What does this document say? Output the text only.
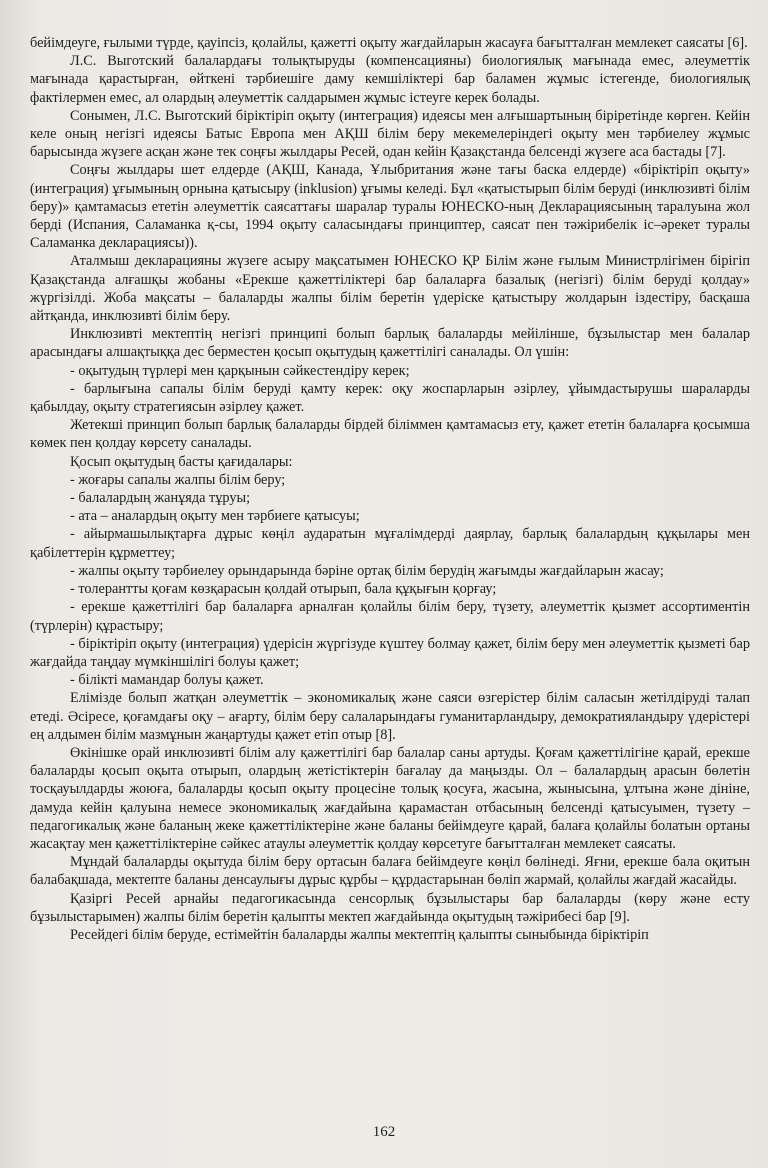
бейімдеуге, ғылыми түрде, қауіпсіз, қолайлы, қажетті оқыту жағдайларын жасауға бағытталған мемлекет саясаты [6].

Л.С. Выготский балалардағы толықтыруды (компенсацияны) биологиялық мағынада емес, әлеуметтік мағынада қарастырған, өйткені тәрбиешіге даму кемшіліктері бар баламен жұмыс істегенде, биологиялық фактілермен емес, ал олардың әлеуметтік салдарымен жұмыс істеуге керек болады.

Сонымен, Л.С. Выготский біріктіріп оқыту (интеграция) идеясы мен алғышартының біріретінде көрген. Кейін келе оның негізгі идеясы Батыс Европа мен АҚШ білім беру мекемелеріндегі оқыту мен тәрбиелеу жұмыс барысында жүзеге асқан және тек соңғы жылдары Ресей, одан кейін Қазақстанда белсенді жүзеге аса бастады [7].

Соңғы жылдары шет елдерде (АҚШ, Канада, Ұлыбритания және тағы баска елдерде) «біріктіріп оқыту» (интеграция) ұғымының орнына қатысыру (inklusion) ұғымы келеді. Бұл «қатыстырып білім беруді (инклюзивті білім беру)» қамтамасыз ететін әлеуметтік саясаттағы шаралар туралы ЮНЕСКО-ның Декларациясының таралуына жол берді (Испания, Саламанка қ-сы, 1994 оқыту саласындағы принциптер, саясат пен тәжірибелік іс–әрекет туралы Саламанка декларациясы)).

Аталмыш декларацияны жүзеге асыру мақсатымен ЮНЕСКО ҚР Білім және ғылым Министрлігімен бірігіп Қазақстанда алғашқы жобаны «Ерекше қажеттіліктері бар балаларға базалық (негізгі) білім беруді қолдау» жүргізілді. Жоба мақсаты – балаларды жалпы білім беретін үдеріске қатыстыру жолдарын іздестіру, басқаша айтқанда, инклюзивті білім беру.

Инклюзивті мектептің негізгі принципі болып барлық балаларды мейілінше, бұзылыстар мен балалар арасындағы алшақтыққа дес берместен қосып оқытудың қажеттілігі саналады. Ол үшін:

- оқытудың түрлері мен қарқынын сәйкестендіру керек;

- барлығына сапалы білім беруді қамту керек: оқу жоспарларын әзірлеу, ұйымдастырушы шараларды қабылдау, оқыту стратегиясын әзірлеу қажет.

Жетекші принцип болып барлық балаларды бірдей біліммен қамтамасыз ету, қажет ететін балаларға қосымша көмек пен қолдау көрсету саналады.

Қосып оқытудың басты қағидалары:

- жоғары сапалы жалпы білім беру;

- балалардың жанұяда тұруы;

- ата – аналардың оқыту мен тәрбиеге қатысуы;

- айырмашылықтарға дұрыс көңіл аударатын мұғалімдерді даярлау, барлық балалардың құқылары мен қабілеттерін құрметтеу;

- жалпы оқыту тәрбиелеу орындарында бәріне ортақ білім берудің жағымды жағдайларын жасау;

- толерантты қоғам көзқарасын қолдай отырып, бала құқығын қорғау;

- ерекше қажеттілігі бар балаларға арналған қолайлы білім беру, түзету, әлеуметтік қызмет ассортиментін (түрлерін) құрастыру;

- біріктіріп оқыту (интеграция) үдерісін жүргізуде күштеу болмау қажет, білім беру мен әлеуметтік қызметі бар жағдайда таңдау мүмкіншілігі болуы қажет;

- білікті мамандар болуы қажет.

Елімізде болып жатқан әлеуметтік – экономикалық және саяси өзгерістер білім саласын жетілдіруді талап етеді. Әсіресе, қоғамдағы оқу – ағарту, білім беру салаларындағы гуманитарландыру, демократияландыру үдерістері ең алдымен білім мазмұнын жаңартуды қажет етіп отыр [8].

Өкінішке орай инклюзивті білім алу қажеттілігі бар балалар саны артуды. Қоғам қажеттілігіне қарай, ерекше балаларды қосып оқыта отырып, олардың жетістіктерін бағалау да маңызды. Ол – балалардың арасын бөлетін тосқауылдарды жоюға, балаларды қосып оқыту процесіне толық қосуға, жасына, жынысына, ұлтына және дініне, дамуда кейін қалуына немесе экономикалық жағдайына қарамастан отбасының белсенді қатысуымен, түзету – педагогикалық және баланың жеке қажеттіліктеріне және баланы бейімдеуге қарай, балаға қолайлы болатын ортаны жасақтау мен қажеттіліктеріне сәйкес атаулы әлеуметтік қолдау көрсетуге бағытталған мемлекет саясаты.

Мұндай балаларды оқытуда білім беру ортасын балаға бейімдеуге көңіл бөлінеді. Яғни, ерекше бала оқитын балабақшада, мектепте баланы денсаулығы дұрыс құрбы – құрдастарынан бөліп жармай, қолайлы жағдай жасайды.

Қазіргі Ресей арнайы педагогикасында сенсорлық бұзылыстары бар балаларды (көру және есту бұзылыстарымен) жалпы білім беретін қалыпты мектеп жағдайында оқытудың тәжірибесі бар [9].

Ресейдегі білім беруде, естімейтін балаларды жалпы мектептің қалыпты сыныбында біріктіріп

162
